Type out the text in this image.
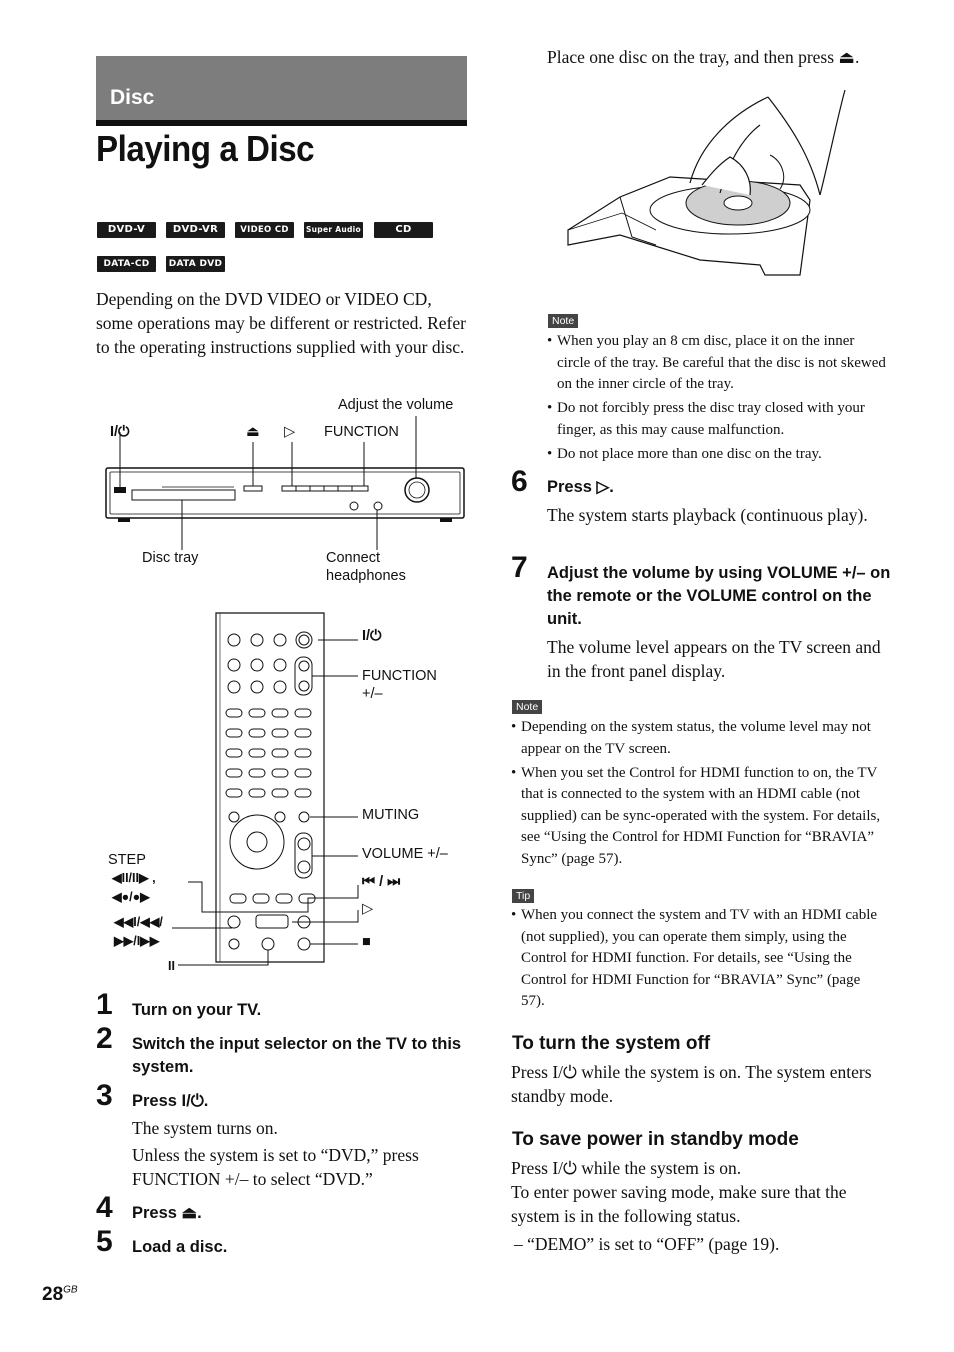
Disc
Playing a Disc
DVD-V	DVD-VR	VIDEO CD	Super Audio CD
CD
DATA-CD	DATA DVD
Depending on the DVD VIDEO or VIDEO CD, some operations may be different or restricted. Refer to the operating instructions supplied with your disc.
Adjust the volume
I/⏻	⏏ ▷ FUNCTION
Disc tray	Connect headphones
I/⏻
FUNCTION +/–
MUTING
VOLUME +/–
⏮ / ⏭
▷
■
STEP
◀II/II▶ ,
◀●/●▶
◀◀I/◀◀/
▶▶/I▶▶
II
1 Turn on your TV.
2 Switch the input selector on the TV to this system.
3 Press I/⏻.
The system turns on.
Unless the system is set to “DVD,” press FUNCTION +/– to select “DVD.”
4 Press ⏏.
5 Load a disc.
Place one disc on the tray, and then press ⏏.
Note
• When you play an 8 cm disc, place it on the inner circle of the tray. Be careful that the disc is not skewed on the inner circle of the tray.
• Do not forcibly press the disc tray closed with your finger, as this may cause malfunction.
• Do not place more than one disc on the tray.
6 Press ▷.
The system starts playback (continuous play).
7 Adjust the volume by using VOLUME +/– on the remote or the VOLUME control on the unit.
The volume level appears on the TV screen and in the front panel display.
Note
• Depending on the system status, the volume level may not appear on the TV screen.
• When you set the Control for HDMI function to on, the TV that is connected to the system with an HDMI cable (not supplied) can be sync-operated with the system. For details, see “Using the Control for HDMI Function for “BRAVIA” Sync” (page 57).
Tip
• When you connect the system and TV with an HDMI cable (not supplied), you can operate them simply, using the Control for HDMI function. For details, see “Using the Control for HDMI Function for “BRAVIA” Sync” (page 57).
To turn the system off
Press I/⏻ while the system is on. The system enters standby mode.
To save power in standby mode
Press I/⏻ while the system is on.
To enter power saving mode, make sure that the system is in the following status.
– “DEMO” is set to “OFF” (page 19).
$28^{GB}$
